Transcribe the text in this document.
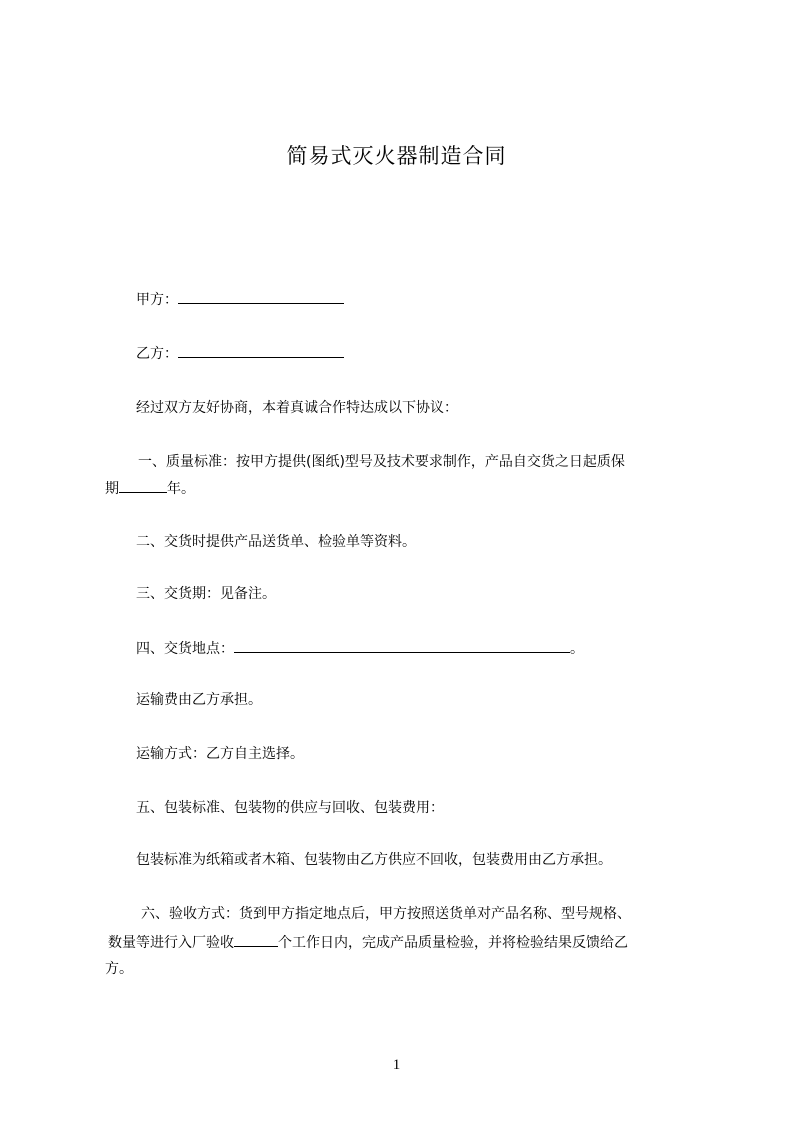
简易式灭火器制造合同
甲方：
乙方：
经过双方友好协商，本着真诚合作特达成以下协议：
一、质量标准：按甲方提供(图纸)型号及技术要求制作，产品自交货之日起质保
期	年。
二、交货时提供产品送货单、检验单等资料。
三、交货期：见备注。
四、交货地点：	。
运输费由乙方承担。
运输方式：乙方自主选择。
五、包装标准、包装物的供应与回收、包装费用：
包装标准为纸箱或者木箱、包装物由乙方供应不回收，包装费用由乙方承担。
六、验收方式：货到甲方指定地点后，甲方按照送货单对产品名称、型号规格、
数量等进行入厂验收	个工作日内，完成产品质量检验，并将检验结果反馈给乙
方。
1
